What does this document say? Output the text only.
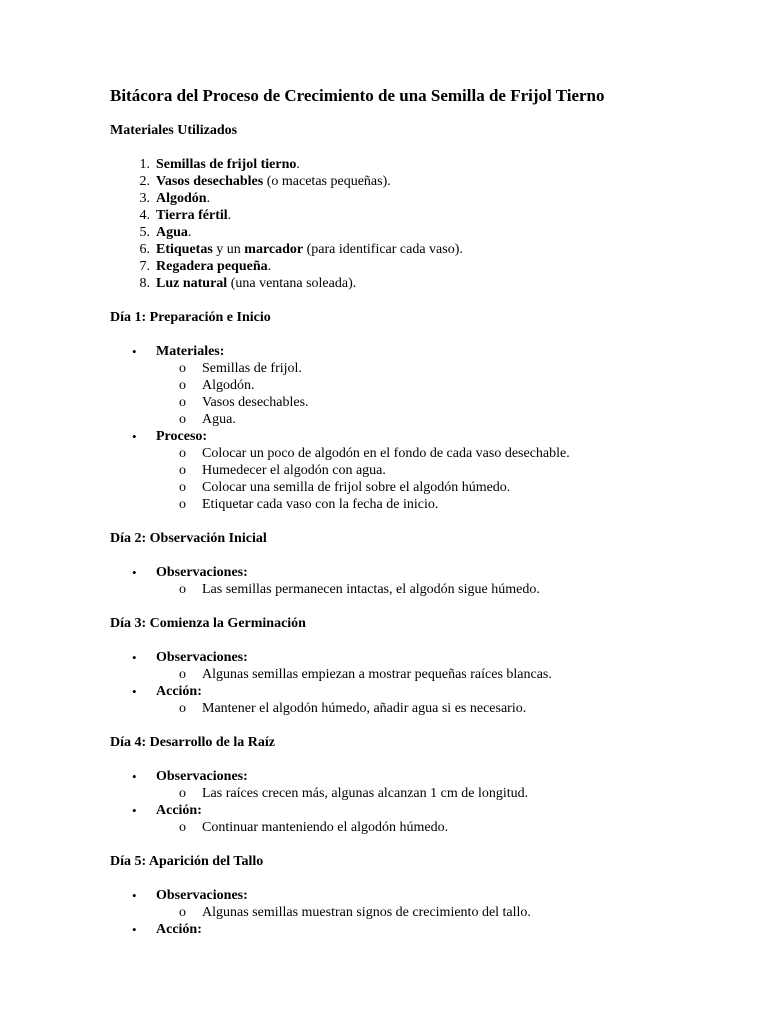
Bitácora del Proceso de Crecimiento de una Semilla de Frijol Tierno
Materiales Utilizados
1 . Semillas de frijol tierno.
2 . Vasos desechables (o macetas pequeñas).
3 . Algodón.
4 . Tierra fértil.
5 . Agua.
6 . Etiquetas y un marcador (para identificar cada vaso).
7 . Regadera pequeña.
8 . Luz natural (una ventana soleada).
Día 1: Preparación e Inicio
• Materiales:
o Semillas de frijol.
o Algodón.
o Vasos desechables.
o Agua.
• Proceso:
o Colocar un poco de algodón en el fondo de cada vaso desechable.
o Humedecer el algodón con agua.
o Colocar una semilla de frijol sobre el algodón húmedo.
o Etiquetar cada vaso con la fecha de inicio.
Día 2: Observación Inicial
• Observaciones:
o Las semillas permanecen intactas, el algodón sigue húmedo.
Día 3: Comienza la Germinación
• Observaciones:
o Algunas semillas empiezan a mostrar pequeñas raíces blancas.
• Acción:
o Mantener el algodón húmedo, añadir agua si es necesario.
Día 4: Desarrollo de la Raíz
• Observaciones:
o Las raíces crecen más, algunas alcanzan 1 cm de longitud.
• Acción:
o Continuar manteniendo el algodón húmedo.
Día 5: Aparición del Tallo
• Observaciones:
o Algunas semillas muestran signos de crecimiento del tallo.
• Acción:
